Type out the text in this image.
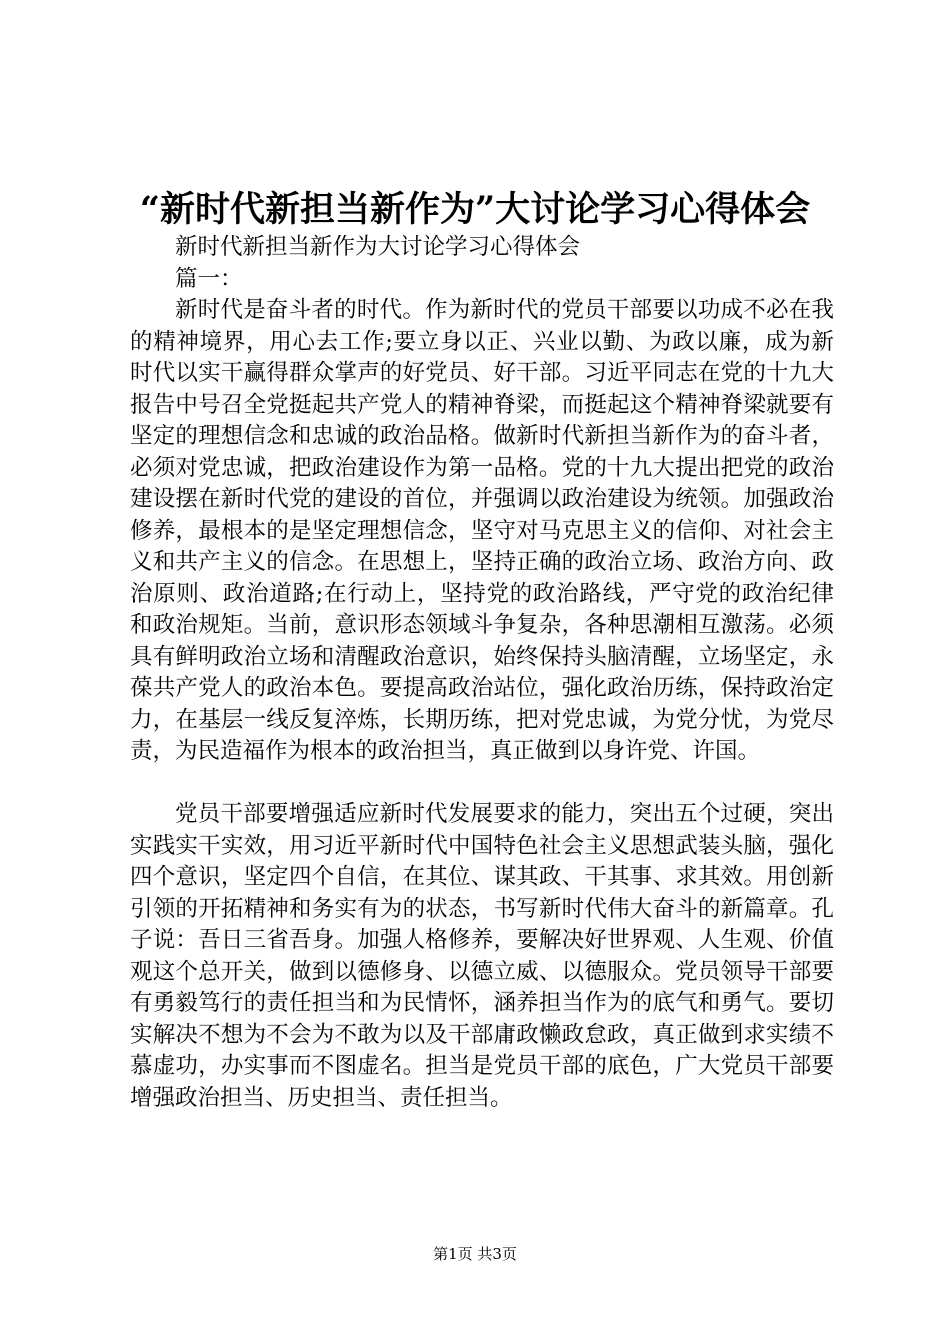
“新时代新担当新作为”大讨论学习心得体会

新时代新担当新作为大讨论学习心得体会

篇一：

新时代是奋斗者的时代。作为新时代的党员干部要以功成不必在我的精神境界，用心去工作;要立身以正、兴业以勤、为政以廉，成为新时代以实干赢得群众掌声的好党员、好干部。习近平同志在党的十九大报告中号召全党挺起共产党人的精神脊梁，而挺起这个精神脊梁就要有坚定的理想信念和忠诚的政治品格。做新时代新担当新作为的奋斗者，必须对党忠诚，把政治建设作为第一品格。党的十九大提出把党的政治建设摆在新时代党的建设的首位，并强调以政治建设为统领。加强政治修养，最根本的是坚定理想信念，坚守对马克思主义的信仰、对社会主义和共产主义的信念。在思想上，坚持正确的政治立场、政治方向、政治原则、政治道路;在行动上，坚持党的政治路线，严守党的政治纪律和政治规矩。当前，意识形态领域斗争复杂，各种思潮相互激荡。必须具有鲜明政治立场和清醒政治意识，始终保持头脑清醒，立场坚定，永葆共产党人的政治本色。要提高政治站位，强化政治历练，保持政治定力，在基层一线反复淬炼，长期历练，把对党忠诚，为党分忧，为党尽责，为民造福作为根本的政治担当，真正做到以身许党、许国。

党员干部要增强适应新时代发展要求的能力，突出五个过硬，突出实践实干实效，用习近平新时代中国特色社会主义思想武装头脑，强化四个意识，坚定四个自信，在其位、谋其政、干其事、求其效。用创新引领的开拓精神和务实有为的状态，书写新时代伟大奋斗的新篇章。孔子说：吾日三省吾身。加强人格修养，要解决好世界观、人生观、价值观这个总开关，做到以德修身、以德立威、以德服众。党员领导干部要有勇毅笃行的责任担当和为民情怀，涵养担当作为的底气和勇气。要切实解决不想为不会为不敢为以及干部庸政懒政怠政，真正做到求实绩不慕虚功，办实事而不图虚名。担当是党员干部的底色，广大党员干部要增强政治担当、历史担当、责任担当。

第1页 共3页
